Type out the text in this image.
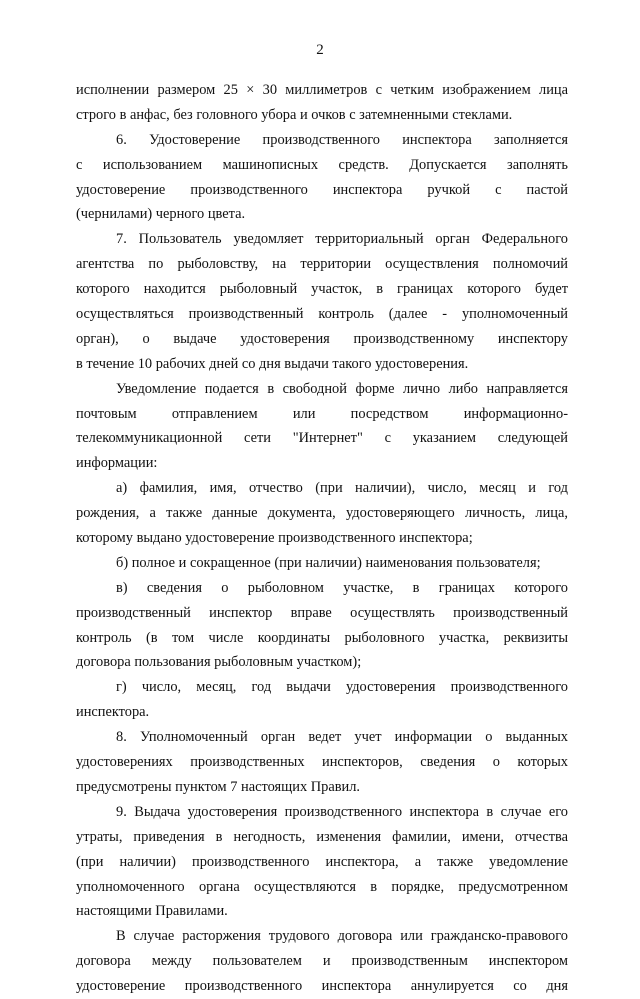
2
исполнении размером 25 × 30 миллиметров с четким изображением лица
строго в анфас, без головного убора и очков с затемненными стеклами.
6. Удостоверение производственного инспектора заполняется
с использованием машинописных средств. Допускается заполнять
удостоверение производственного инспектора ручкой с пастой
(чернилами) черного цвета.
7. Пользователь уведомляет территориальный орган Федерального
агентства по рыболовству, на территории осуществления полномочий
которого находится рыболовный участок, в границах которого будет
осуществляться производственный контроль (далее - уполномоченный
орган), о выдаче удостоверения производственному инспектору
в течение 10 рабочих дней со дня выдачи такого удостоверения.
Уведомление подается в свободной форме лично либо направляется
почтовым отправлением или посредством информационно-
телекоммуникационной сети "Интернет" с указанием следующей
информации:
а) фамилия, имя, отчество (при наличии), число, месяц и год
рождения, а также данные документа, удостоверяющего личность, лица,
которому выдано удостоверение производственного инспектора;
б) полное и сокращенное (при наличии) наименования пользователя;
в) сведения о рыболовном участке, в границах которого
производственный инспектор вправе осуществлять производственный
контроль (в том числе координаты рыболовного участка, реквизиты
договора пользования рыболовным участком);
г) число, месяц, год выдачи удостоверения производственного
инспектора.
8. Уполномоченный орган ведет учет информации о выданных
удостоверениях производственных инспекторов, сведения о которых
предусмотрены пунктом 7 настоящих Правил.
9. Выдача удостоверения производственного инспектора в случае его
утраты, приведения в негодность, изменения фамилии, имени, отчества
(при наличии) производственного инспектора, а также уведомление
уполномоченного органа осуществляются в порядке, предусмотренном
настоящими Правилами.
В случае расторжения трудового договора или гражданско-правового
договора между пользователем и производственным инспектором
удостоверение производственного инспектора аннулируется со дня
